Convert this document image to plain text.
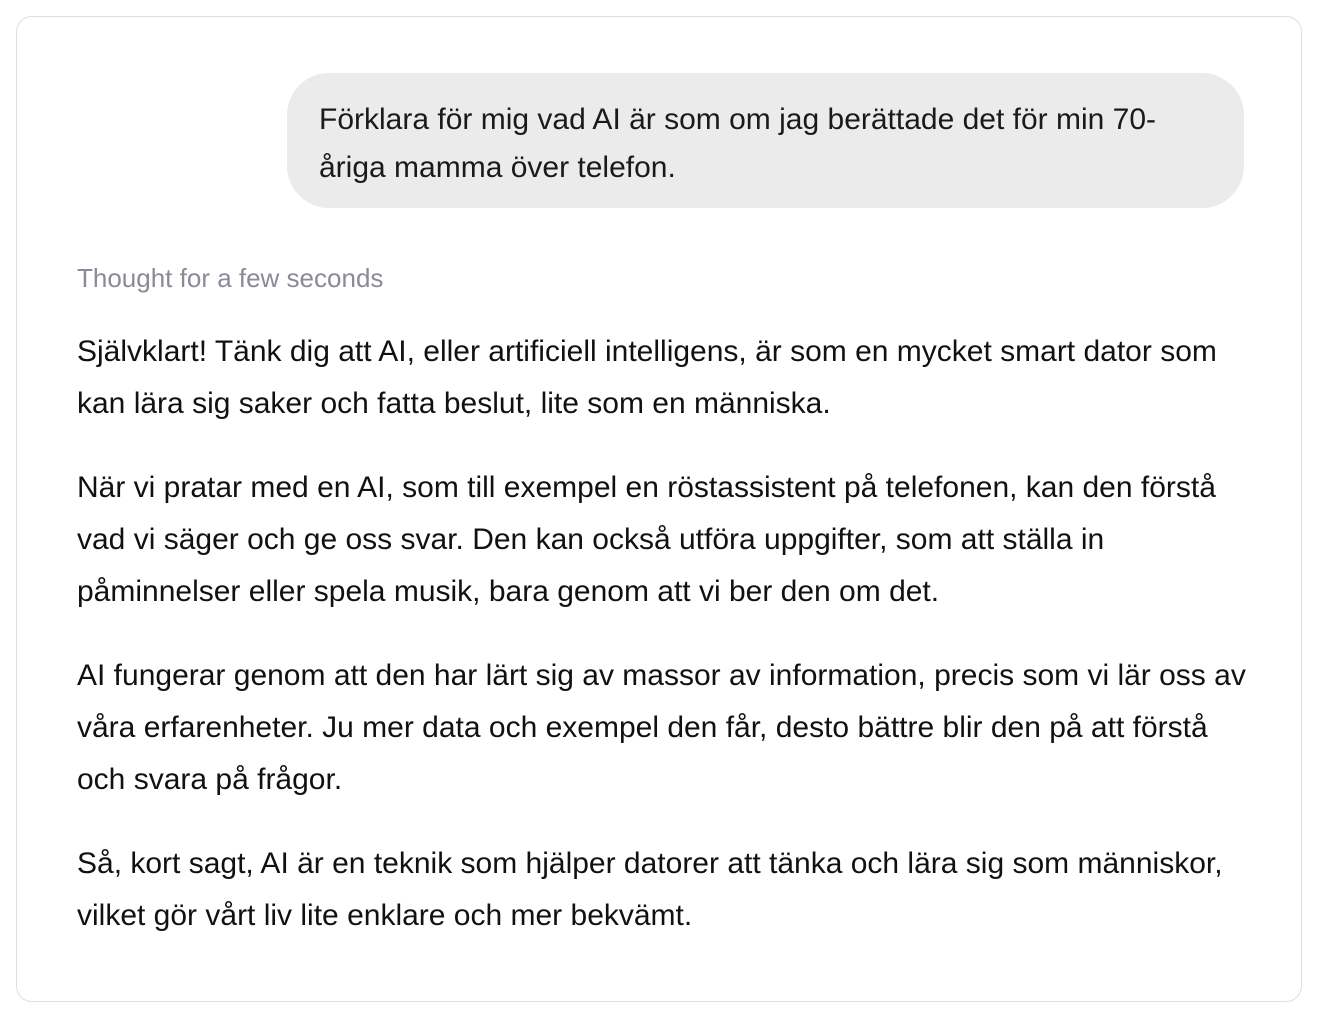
Förklara för mig vad AI är som om jag berättade det för min 70-åriga mamma över telefon.
Thought for a few seconds

Självklart! Tänk dig att AI, eller artificiell intelligens, är som en mycket smart dator som kan lära sig saker och fatta beslut, lite som en människa.

När vi pratar med en AI, som till exempel en röstassistent på telefonen, kan den förstå vad vi säger och ge oss svar. Den kan också utföra uppgifter, som att ställa in påminnelser eller spela musik, bara genom att vi ber den om det.

AI fungerar genom att den har lärt sig av massor av information, precis som vi lär oss av våra erfarenheter. Ju mer data och exempel den får, desto bättre blir den på att förstå och svara på frågor.

Så, kort sagt, AI är en teknik som hjälper datorer att tänka och lära sig som människor, vilket gör vårt liv lite enklare och mer bekvämt.
